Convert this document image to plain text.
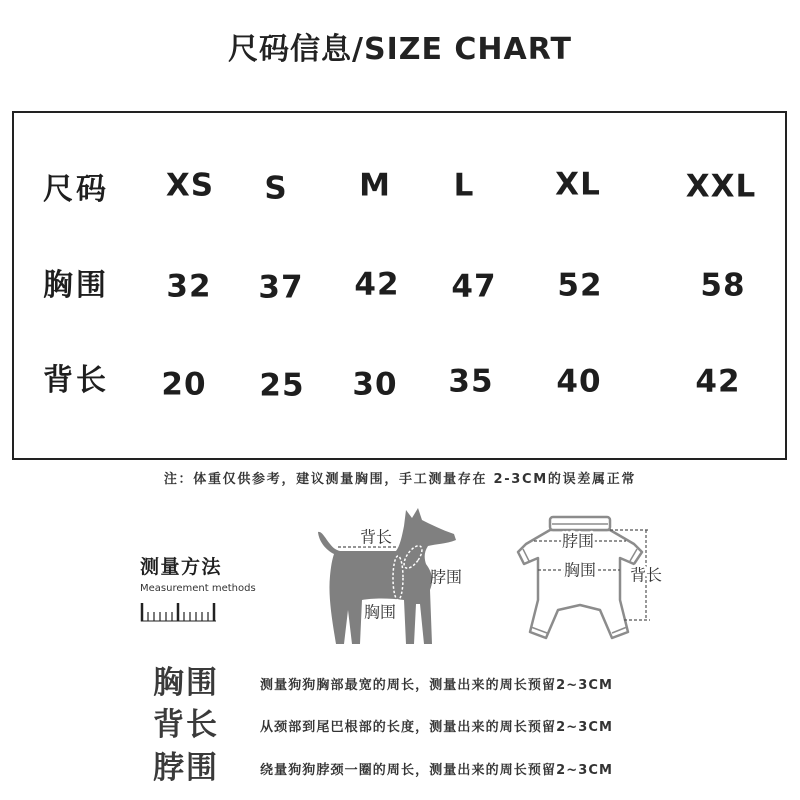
尺码信息/SIZE CHART
尺码 XS S M L	XL	XXL
胸围 32 37 42 47 52	58
背长 20 25 30 35 40	42
注：体重仅供参考，建议测量胸围，手工测量存在 2-3CM的误差属正常
测量方法
Measurement methods
背长
脖围
胸围
脖围
胸围 背长
胸围	测量狗狗胸部最宽的周长，测量出来的周长预留2~3CM
背长	从颈部到尾巴根部的长度，测量出来的周长预留2~3CM
脖围	绕量狗狗脖颈一圈的周长，测量出来的周长预留2~3CM
